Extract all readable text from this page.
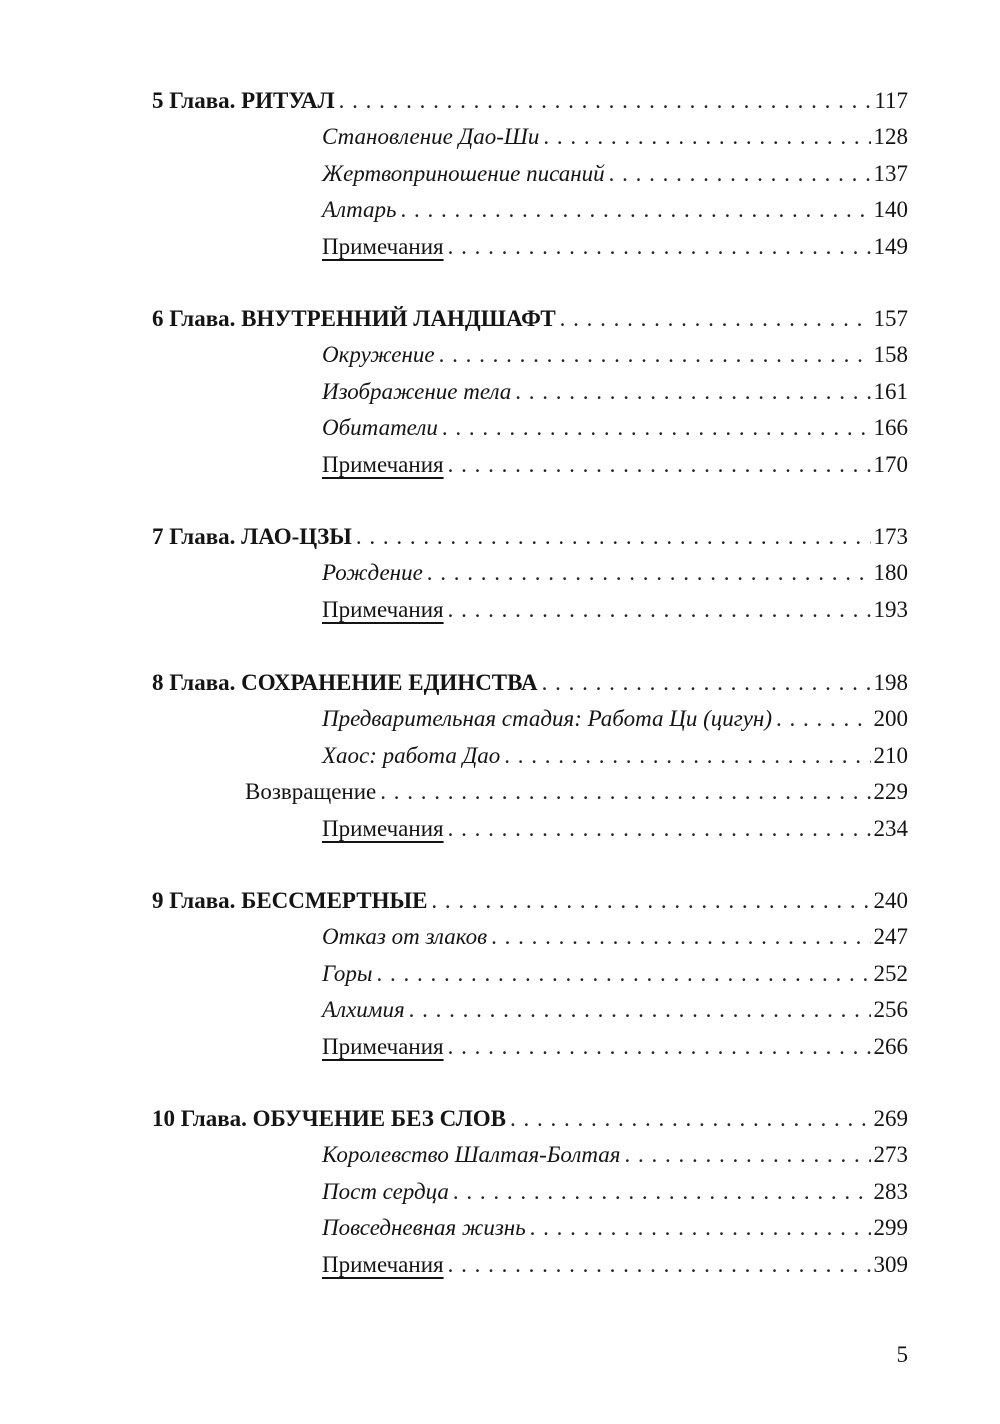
5 Глава. РИТУАЛ . . .	117
Становление Дао-Ши . . .	128
Жертвоприношение писаний . . .	137
Алтарь . . .	140
Примечания . . .	149
6 Глава. ВНУТРЕННИЙ ЛАНДШАФТ . . .	157
Окружение . . .	158
Изображение тела . . .	161
Обитатели . . .	166
Примечания . . .	170
7 Глава. ЛАО-ЦЗЫ . . .	173
Рождение . . .	180
Примечания . . .	193
8 Глава. СОХРАНЕНИЕ ЕДИНСТВА . . .	198
Предварительная стадия: Работа Ци (цигун) . . .	200
Хаос: работа Дао . . .	210
Возвращение . . .	229
Примечания . . .	234
9 Глава. БЕССМЕРТНЫЕ . . .	240
Отказ от злаков . . .	247
Горы . . .	252
Алхимия . . .	256
Примечания . . .	266
10 Глава. ОБУЧЕНИЕ БЕЗ СЛОВ . . .	269
Королевство Шалтая-Болтая . . .	273
Пост сердца . . .	283
Повседневная жизнь . . .	299
Примечания . . .	309
5
